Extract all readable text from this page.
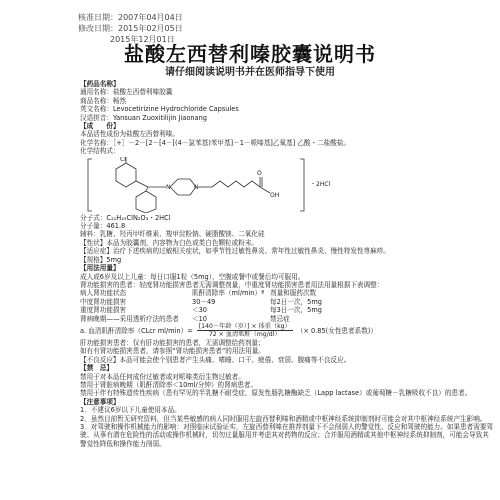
核准日期：2007年04月04日
修改日期：2015年02月05日
2015年12月01日
盐酸左西替利嗪胶囊说明书
请仔细阅读说明书并在医师指导下使用
【药品名称】
通用名称：盐酸左西替利嗪胶囊
商品名称：畅然
英文名称：Levocetirizine Hydrochloride Capsules
汉语拼音：Yansuan Zuoxitilijin Jiaonang
【成　　份】
本品活性成份为盐酸左西替利嗪。
化学名称：［+］－2－[2－[4－[(4－氯苯基)苯甲基]－1－哌嗪基]乙氧基] 乙酸・二盐酸盐。
化学结构式：
Cl
N	N
O
OH
・2HCl
分子式：C₂₁H₂₅ClN₂O₃・2HCl
分子量：461.8
辅料：乳糖、羟丙甲纤维素、羧甲淀粉钠、硬脂酸镁、二氧化硅
【性状】本品为胶囊剂，内容物为白色或类白色颗粒或粉末。
【适应症】治疗下述疾病的过敏相关症状，如季节性过敏性鼻炎、常年性过敏性鼻炎、慢性特发性荨麻疹。
【规格】5mg
【用法用量】
成人或6岁及以上儿童：每日口服1粒（5mg），空腹或餐中或餐后均可服用。
肾功能损害的患者：轻度肾功能损害患者无需调整剂量，中重度肾功能损害患者用法用量根据下表调整：
病人肾功能状态	肌酐清除率（ml/min）ª 剂量和服药次数
中度肾功能损害	30－49	每2日一次，5mg
重度肾功能损害	＜30	每3日一次，5mg
肾病晚期——采用透析疗法的患者	＜10	禁忌症
a. 血清肌酐清除率（CLcr $ml/\min)= \frac{\text{[140－年龄（岁）] × 体重（kg）}}{\text{72 × 血清肌酐（mg/dl）}}$ （× 0.85(女性患者系数)）
肝功能损害患者：仅有肝功能损害的患者，无需调整给药剂量；
如有有肾功能损害患者，请参照“肾功能损害患者”的用法用量。
【不良反应】本品可能会使个别患者产生头痛、嗜睡、口干、疲倦、衰弱、腹痛等不良反应。
【禁　忌】
禁用于对本品任何成份过敏者或对哌嗪类衍生物过敏者。
禁用于肾脏病晚期（肌酐清除率＜10ml/分钟）的肾病患者。
禁用于伴有特殊遗传性疾病（患有罕见的半乳糖不耐受症，原发性肠乳糖酶缺乏（Lapp lactase）或葡萄糖－乳糖吸收不良）的患者。
【注意事项】
1．不建议6岁以下儿童使用本品。
2．虽然目前暂无研究资料，但当某些敏感的病人同时服用左旋西替利嗪和酒精或中枢神经系统抑制剂时可能会对其中枢神经系统产生影响。
3．对驾驶和操作机械能力的影响：对照临床试验证实，左旋西替利嗪在推荐剂量下不会削弱人的警觉性、反应和驾驶的能力。如果患者需要驾驶、从事有潜在危险性的活动或操作机械时，切勿过量服用并考虑其对药物的反应；合并服用酒精或其他中枢神经系统抑制剂，可能会导致其警觉性降低和操作能力削弱。
